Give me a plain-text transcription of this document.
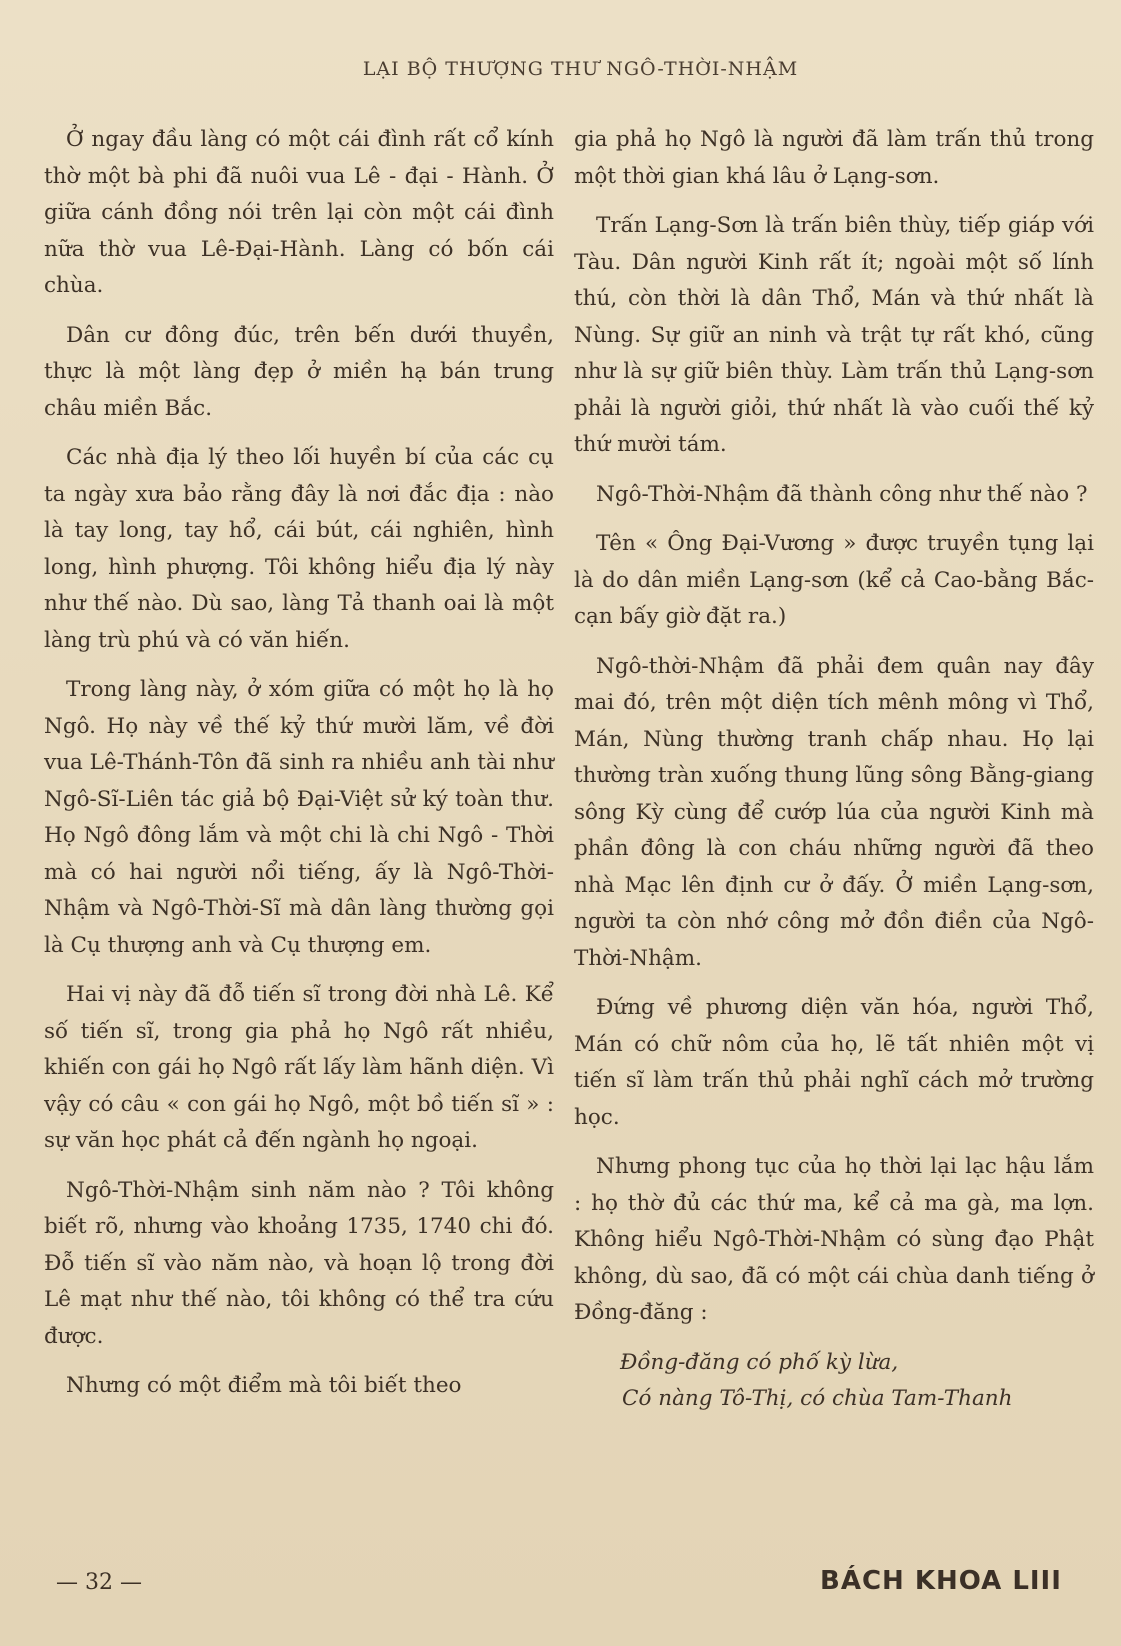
LẠI BỘ THƯỢNG THƯ NGÔ-THỜI-NHẬM

Ở ngay đầu làng có một cái đình rất cổ kính thờ một bà phi đã nuôi vua Lê - đại - Hành. Ở giữa cánh đồng nói trên lại còn một cái đình nữa thờ vua Lê-Đại-Hành. Làng có bốn cái chùa.

Dân cư đông đúc, trên bến dưới thuyền, thực là một làng đẹp ở miền hạ bán trung châu miền Bắc.

Các nhà địa lý theo lối huyền bí của các cụ ta ngày xưa bảo rằng đây là nơi đắc địa : nào là tay long, tay hổ, cái bút, cái nghiên, hình long, hình phượng. Tôi không hiểu địa lý này như thế nào. Dù sao, làng Tả thanh oai là một làng trù phú và có văn hiến.

Trong làng này, ở xóm giữa có một họ là họ Ngô. Họ này về thế kỷ thứ mười lăm, về đời vua Lê-Thánh-Tôn đã sinh ra nhiều anh tài như Ngô-Sĩ-Liên tác giả bộ Đại-Việt sử ký toàn thư. Họ Ngô đông lắm và một chi là chi Ngô - Thời mà có hai người nổi tiếng, ấy là Ngô-Thời-Nhậm và Ngô-Thời-Sĩ mà dân làng thường gọi là Cụ thượng anh và Cụ thượng em.

Hai vị này đã đỗ tiến sĩ trong đời nhà Lê. Kể số tiến sĩ, trong gia phả họ Ngô rất nhiều, khiến con gái họ Ngô rất lấy làm hãnh diện. Vì vậy có câu « con gái họ Ngô, một bồ tiến sĩ » : sự văn học phát cả đến ngành họ ngoại.

Ngô-Thời-Nhậm sinh năm nào ? Tôi không biết rõ, nhưng vào khoảng 1735, 1740 chi đó. Đỗ tiến sĩ vào năm nào, và hoạn lộ trong đời Lê mạt như thế nào, tôi không có thể tra cứu được.

Nhưng có một điểm mà tôi biết theo

gia phả họ Ngô là người đã làm trấn thủ trong một thời gian khá lâu ở Lạng-sơn.

Trấn Lạng-Sơn là trấn biên thùy, tiếp giáp với Tàu. Dân người Kinh rất ít; ngoài một số lính thú, còn thời là dân Thổ, Mán và thứ nhất là Nùng. Sự giữ an ninh và trật tự rất khó, cũng như là sự giữ biên thùy. Làm trấn thủ Lạng-sơn phải là người giỏi, thứ nhất là vào cuối thế kỷ thứ mười tám.

Ngô-Thời-Nhậm đã thành công như thế nào ?

Tên « Ông Đại-Vương » được truyền tụng lại là do dân miền Lạng-sơn (kể cả Cao-bằng Bắc-cạn bấy giờ đặt ra.)

Ngô-thời-Nhậm đã phải đem quân nay đây mai đó, trên một diện tích mênh mông vì Thổ, Mán, Nùng thường tranh chấp nhau. Họ lại thường tràn xuống thung lũng sông Bằng-giang sông Kỳ cùng để cướp lúa của người Kinh mà phần đông là con cháu những người đã theo nhà Mạc lên định cư ở đấy. Ở miền Lạng-sơn, người ta còn nhớ công mở đồn điền của Ngô-Thời-Nhậm.

Đứng về phương diện văn hóa, người Thổ, Mán có chữ nôm của họ, lẽ tất nhiên một vị tiến sĩ làm trấn thủ phải nghĩ cách mở trường học.

Nhưng phong tục của họ thời lại lạc hậu lắm : họ thờ đủ các thứ ma, kể cả ma gà, ma lợn. Không hiểu Ngô-Thời-Nhậm có sùng đạo Phật không, dù sao, đã có một cái chùa danh tiếng ở Đồng-đăng :

Đồng-đăng có phố kỳ lừa,

Có nàng Tô-Thị, có chùa Tam-Thanh

— 32 —	BÁCH KHOA LIII
